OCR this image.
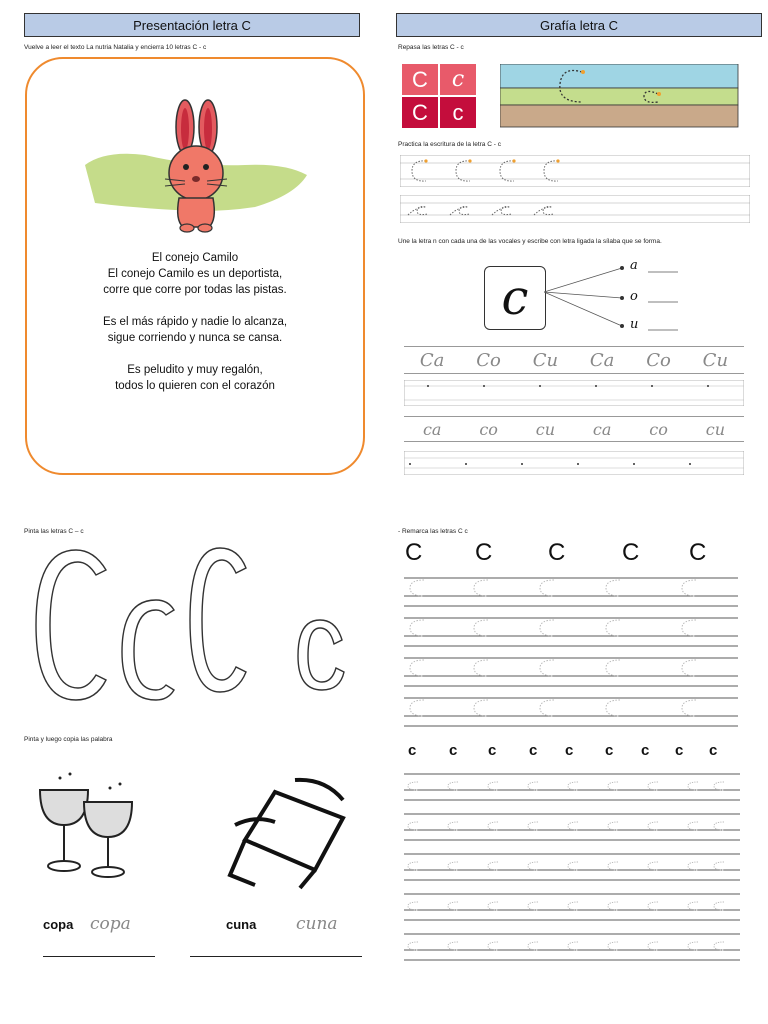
Presentación letra C
Vuelve a leer el texto La nutria Natalia y encierra 10 letras C - c
El conejo Camilo
El conejo Camilo es un deportista,
corre que corre por todas las pistas.
Es el más rápido y nadie lo alcanza,
sigue corriendo y nunca se cansa.
Es peludito y muy regalón,
todos lo quieren con el corazón
Grafía letra C
Repasa las letras C - c
C c
C c
Practica la escritura de la letra C - c
Une la letra n con cada una de las vocales y escribe con letra ligada la sílaba que se forma.
c
a
o
u
Ca Co Cu Ca Co Cu
ca co cu ca co cu
Pinta las letras C – c
Pinta y luego copia las palabra
copa copa	cuna cuna
- Remarca las letras C c
C C C C C
c c c c c c c c c
